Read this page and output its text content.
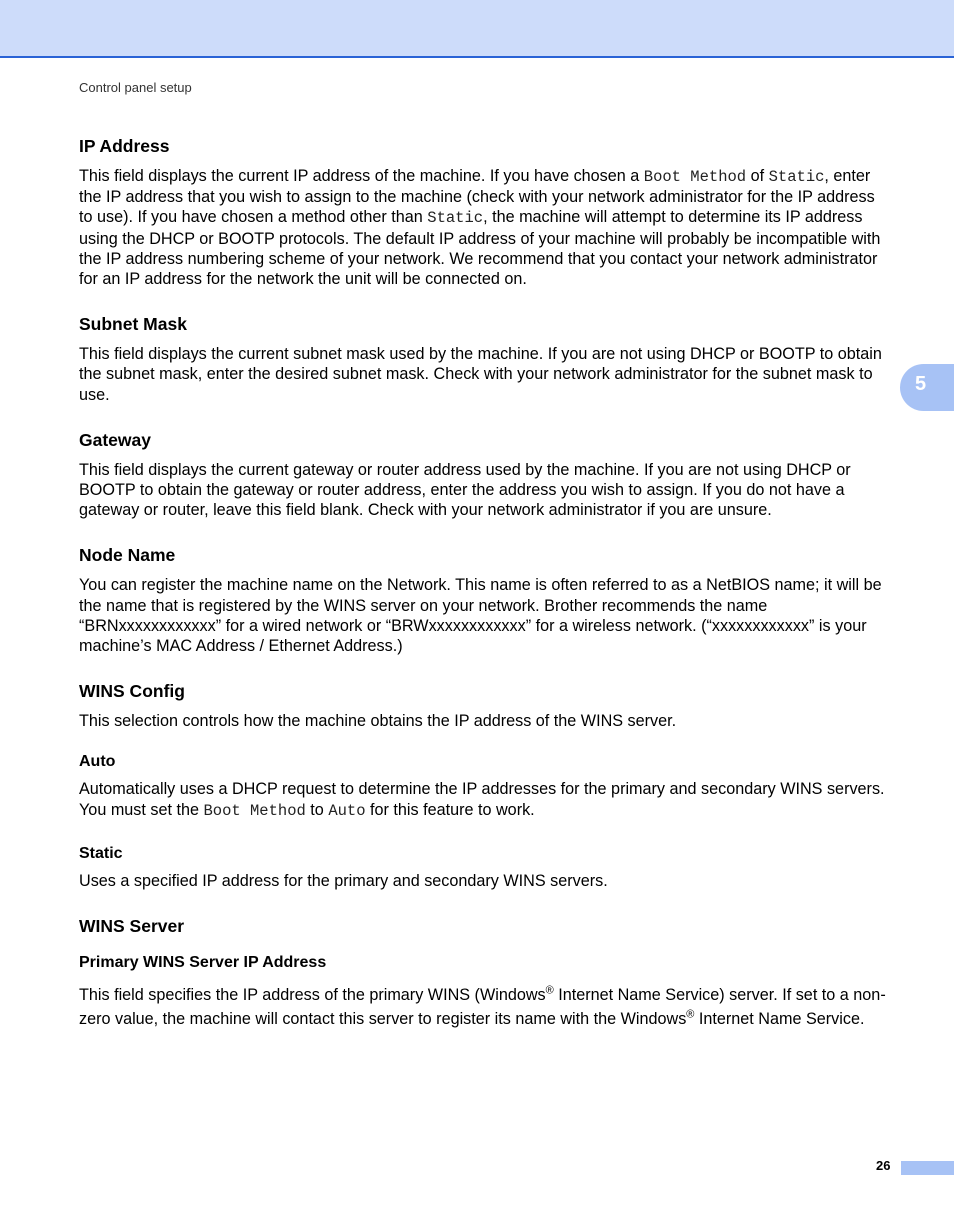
Control panel setup
5
IP Address

This field displays the current IP address of the machine. If you have chosen a Boot Method of Static, enter the IP address that you wish to assign to the machine (check with your network administrator for the IP address to use). If you have chosen a method other than Static, the machine will attempt to determine its IP address using the DHCP or BOOTP protocols. The default IP address of your machine will probably be incompatible with the IP address numbering scheme of your network. We recommend that you contact your network administrator for an IP address for the network the unit will be connected on.

Subnet Mask

This field displays the current subnet mask used by the machine. If you are not using DHCP or BOOTP to obtain the subnet mask, enter the desired subnet mask. Check with your network administrator for the subnet mask to use.

Gateway

This field displays the current gateway or router address used by the machine. If you are not using DHCP or BOOTP to obtain the gateway or router address, enter the address you wish to assign. If you do not have a gateway or router, leave this field blank. Check with your network administrator if you are unsure.

Node Name

You can register the machine name on the Network. This name is often referred to as a NetBIOS name; it will be the name that is registered by the WINS server on your network. Brother recommends the name “BRNxxxxxxxxxxxx” for a wired network or “BRWxxxxxxxxxxxx” for a wireless network. (“xxxxxxxxxxxx” is your machine’s MAC Address / Ethernet Address.)

WINS Config

This selection controls how the machine obtains the IP address of the WINS server.

Auto

Automatically uses a DHCP request to determine the IP addresses for the primary and secondary WINS servers. You must set the Boot Method to Auto for this feature to work.

Static

Uses a specified IP address for the primary and secondary WINS servers.

WINS Server
Primary WINS Server IP Address

This field specifies the IP address of the primary WINS (Windows® Internet Name Service) server. If set to a non-zero value, the machine will contact this server to register its name with the Windows® Internet Name Service.

26
